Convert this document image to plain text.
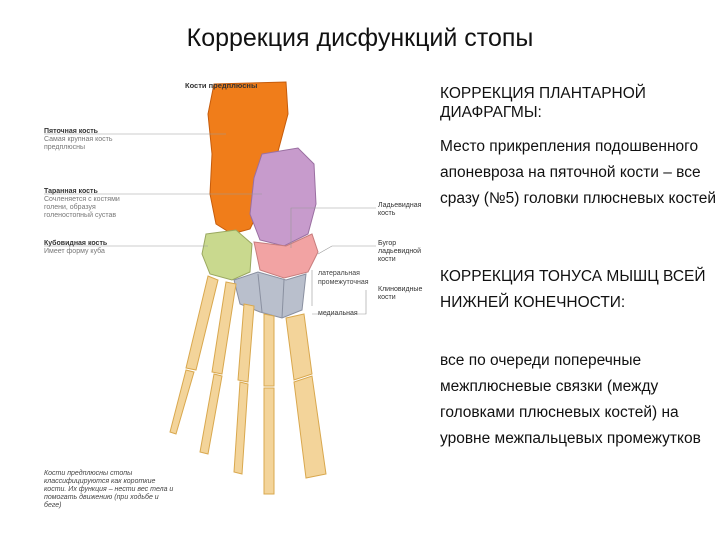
Коррекция дисфункций стопы
Кости предплюсны
Пяточная кость
Самая крупная кость предплюсны
Таранная кость
Сочленяется с костями голени, образуя голеностопный сустав
Кубовидная кость
Имеет форму куба
Ладьевидная кость
Бугор ладьевидной кости
латеральная
промежуточная
медиальная
Клиновидные кости
Кости предплюсны стопы классифицируются как короткие кости. Их функция – нести вес тела и помогать движению (при ходьбе и беге)

КОРРЕКЦИЯ ПЛАНТАРНОЙ ДИАФРАГМЫ:

Место прикрепления подошвенного апоневроза на пяточной кости – все сразу (№5) головки плюсневых костей

КОРРЕКЦИЯ ТОНУСА МЫШЦ ВСЕЙ НИЖНЕЙ КОНЕЧНОСТИ:

все по очереди поперечные межплюсневые связки (между головками плюсневых костей) на уровне межпальцевых промежутков
